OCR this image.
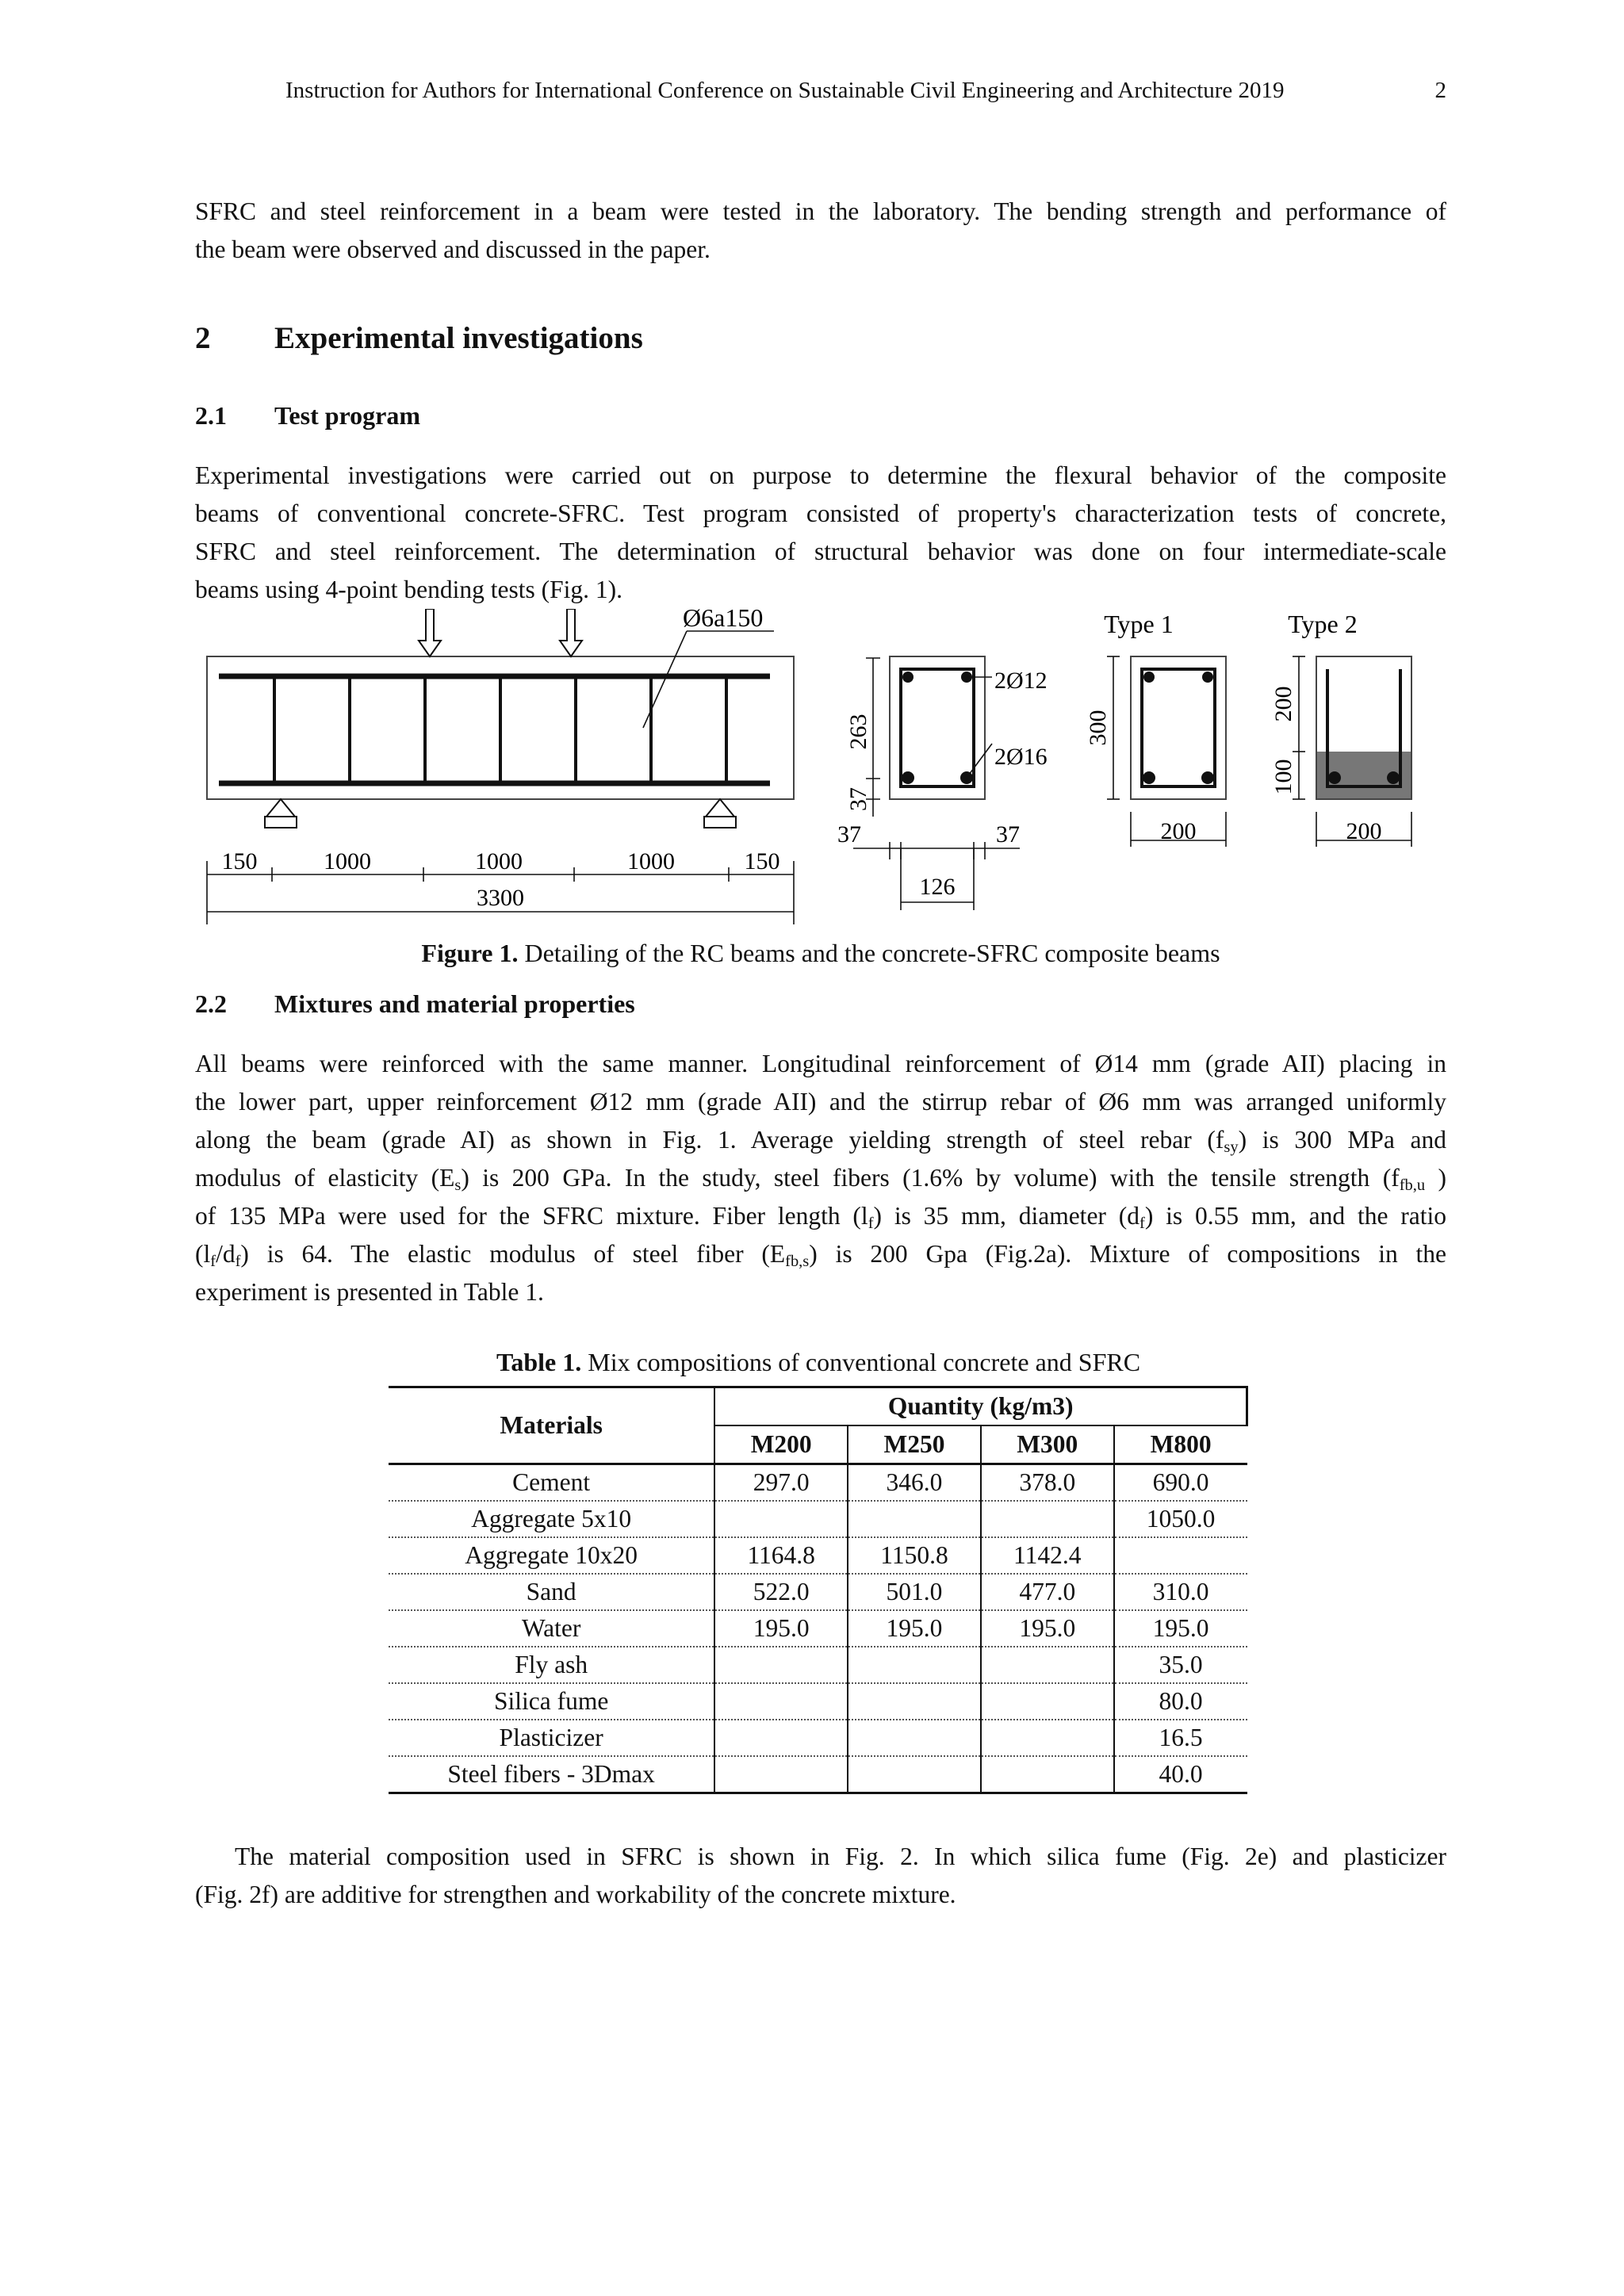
Instruction for Authors for International Conference on Sustainable Civil Engineering and Architecture 2019	2
SFRC and steel reinforcement in a beam were tested in the laboratory. The bending strength and performance of
the beam were observed and discussed in the paper.
2 Experimental investigations
2.1 Test program
Experimental investigations were carried out on purpose to determine the flexural behavior of the composite
beams of conventional concrete-SFRC. Test program consisted of property's characterization tests of concrete,
SFRC and steel reinforcement. The determination of structural behavior was done on four intermediate-scale
beams using 4-point bending tests (Fig. 1).
Ø6a150
150	1000	1000	1000	150
3300
2Ø12
2Ø16
263
37
37	37
126
Type 1
300
200
Type 2
200
100
200
Figure 1. Detailing of the RC beams and the concrete-SFRC composite beams
2.2 Mixtures and material properties
All beams were reinforced with the same manner. Longitudinal reinforcement of Ø14 mm (grade AII) placing in
the lower part, upper reinforcement Ø12 mm (grade AII) and the stirrup rebar of Ø6 mm was arranged uniformly
along the beam (grade AI) as shown in Fig. 1. Average yielding strength of steel rebar $(f_{sy})$ is 300 MPa and
modulus of elasticity $(E_s)$ is 200 GPa. In the study, steel fibers (1.6% by volume) with the tensile strength ($f_{fb,u}$ )
of 135 MPa were used for the SFRC mixture. Fiber length $(l_f)$ is 35 mm, diameter $(d_f)$ is 0.55 mm, and the ratio
$(l_f/d_f)$ is 64. The elastic modulus of steel fiber $(E_{fb,s})$ is 200 Gpa (Fig.2a). Mixture of compositions in the
experiment is presented in Table 1.
Table 1. Mix compositions of conventional concrete and SFRC
Materials	Quantity (kg/m3)			
	M200	M250	M300	M800
Cement	297.0	346.0	378.0	690.0
Aggregate 5x10				1050.0
Aggregate 10x20	1164.8	1150.8	1142.4	
Sand	522.0	501.0	477.0	310.0
Water	195.0	195.0	195.0	195.0
Fly ash				35.0
Silica fume				80.0
Plasticizer				16.5
Steel fibers - 3Dmax				40.0
The material composition used in SFRC is shown in Fig. 2. In which silica fume (Fig. 2e) and plasticizer
(Fig. 2f) are additive for strengthen and workability of the concrete mixture.
